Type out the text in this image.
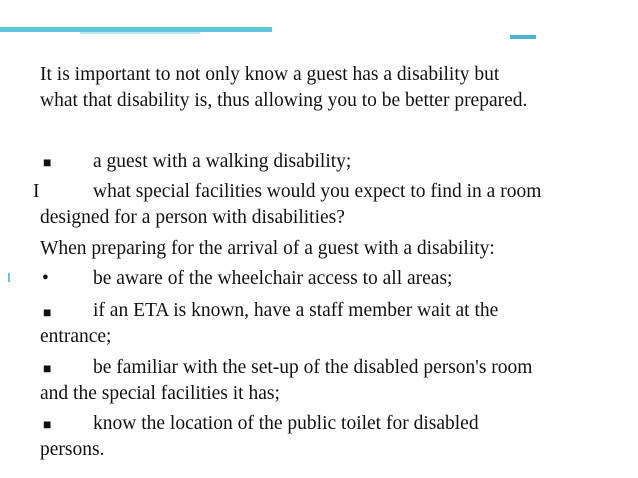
It is important to not only know a guest has a disability but
what that disability is, thus allowing you to be better prepared.
■ a guest with a walking disability;
I	what special facilities would you expect to find in a room
designed for a person with disabilities?
When preparing for the arrival of a guest with a disability:
• be aware of the wheelchair access to all areas;
■ if an ETA is known, have a staff member wait at the
entrance;
■ be familiar with the set-up of the disabled person's room
and the special facilities it has;
■ know the location of the public toilet for disabled
persons.
